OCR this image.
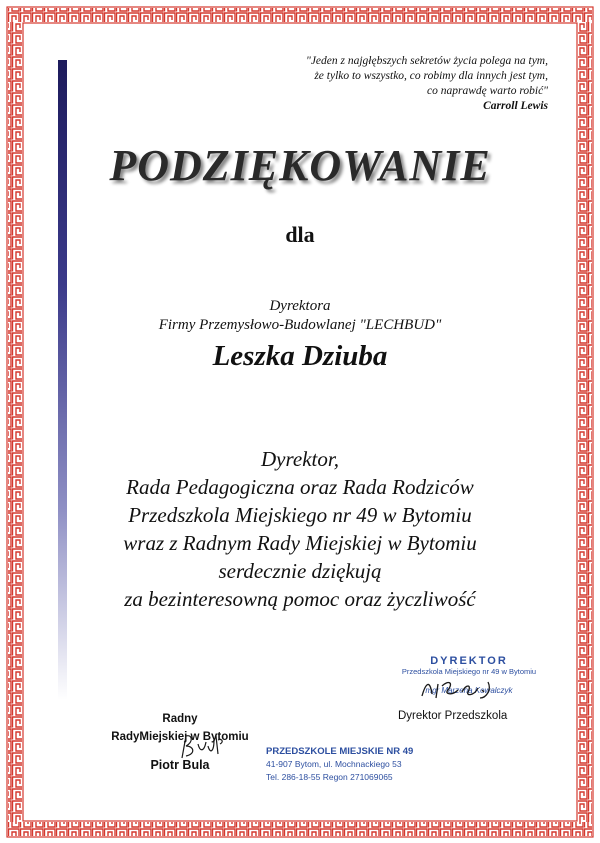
"Jeden z najgłębszych sekretów życia polega na tym,
że tylko to wszystko, co robimy dla innych jest tym,
co naprawdę warto robić"
Carroll Lewis
PODZIĘKOWANIE
dla
Dyrektora
Firmy Przemysłowo-Budowlanej "LECHBUD"
Leszka Dziuba
Dyrektor,
Rada Pedagogiczna oraz Rada Rodziców
Przedszkola Miejskiego nr 49 w Bytomiu
wraz z Radnym Rady Miejskiej w Bytomiu
serdecznie dziękują
za bezinteresowną pomoc oraz życzliwość
DYREKTOR
Przedszkola Miejskiego nr 49 w Bytomiu
mgr Marzena Kowalczyk
Dyrektor Przedszkola
Radny
RadyMiejskiej w Bytomiu
Piotr Bula
PRZEDSZKOLE MIEJSKIE NR 49
41-907 Bytom, ul. Mochnackiego 53
Tel. 286-18-55 Regon 271069065
